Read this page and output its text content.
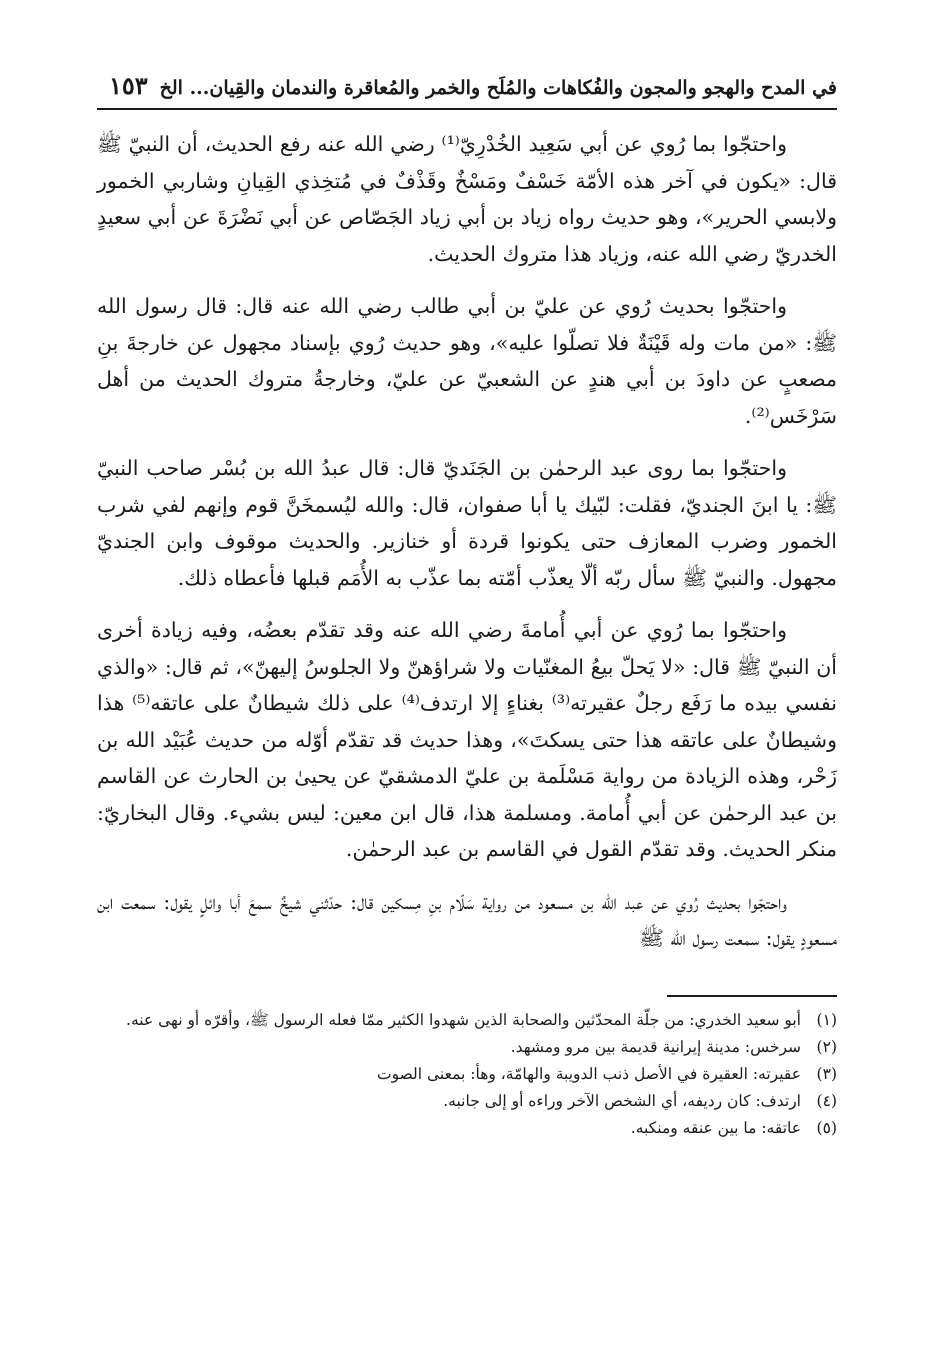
في المدح والهجو والمجون والفُكاهات والمُلَح والخمر والمُعاقرة والندمان والقِيان... الخ
١٥٣

واحتجّوا بما رُوي عن أبي سَعِيد الخُدْرِيّ⁽¹⁾ رضي الله عنه رفع الحديث، أن النبيّ ﷺ قال: «يكون في آخر هذه الأمّة خَسْفٌ ومَسْخٌ وقَذْفٌ في مُتخِذي القِيانِ وشاربي الخمور ولابسي الحرير»، وهو حديث رواه زياد بن أبي زياد الجَصّاص عن أبي نَضْرَةَ عن أبي سعيدٍ الخدريّ رضي الله عنه، وزياد هذا متروك الحديث.

واحتجّوا بحديث رُوي عن عليّ بن أبي طالب رضي الله عنه قال: قال رسول الله ﷺ: «من مات وله قَيْنَةٌ فلا تصلّوا عليه»، وهو حديث رُوي بإسناد مجهول عن خارجةَ بنِ مصعبٍ عن داودَ بن أبي هندٍ عن الشعبيّ عن عليّ، وخارجةُ متروك الحديث من أهل سَرْخَس⁽²⁾.

واحتجّوا بما روى عبد الرحمٰن بن الجَنَديّ قال: قال عبدُ الله بن بُسْر صاحب النبيّ ﷺ: يا ابنَ الجنديّ، فقلت: لبّيك يا أبا صفوان، قال: والله ليُسمخَنَّ قوم وإنهم لفي شرب الخمور وضرب المعازف حتى يكونوا قردة أو خنازير. والحديث موقوف وابن الجنديّ مجهول. والنبيّ ﷺ سأل ربّه ألّا يعذّب أمّته بما عذّب به الأُمَم قبلها فأعطاه ذلك.

واحتجّوا بما رُوي عن أبي أُمامةَ رضي الله عنه وقد تقدّم بعضُه، وفيه زيادة أخرى أن النبيّ ﷺ قال: «لا يَحلّ بيعُ المغنّيات ولا شراؤهنّ ولا الجلوسُ إليهنّ»، ثم قال: «والذي نفسي بيده ما رَفَع رجلٌ عقيرته⁽³⁾ بغناءٍ إلا ارتدف⁽⁴⁾ على ذلك شيطانٌ على عاتقه⁽⁵⁾ هذا وشيطانٌ على عاتقه هذا حتى يسكتَ»، وهذا حديث قد تقدّم أوّله من حديث عُبَيْد الله بن زَحْر، وهذه الزيادة من رواية مَسْلَمة بن عليّ الدمشقيّ عن يحيىٰ بن الحارث عن القاسم بن عبد الرحمٰن عن أبي أُمامة. ومسلمة هذا، قال ابن معين: ليس بشيء. وقال البخاريّ: منكر الحديث. وقد تقدّم القول في القاسم بن عبد الرحمٰن.

واحتجّوا بحديث رُوي عن عبد الله بن مسعود من رواية سَلّام بنِ مِسكين قال: حدّثني شيخٌ سمعَ أبا وائلٍ يقول: سمعت ابن مسعودٍ يقول: سمعت رسول الله ﷺ

(١)
أبو سعيد الخدري: من جلّة المحدّثين والصحابة الذين شهدوا الكثير ممّا فعله الرسول ﷺ، وأقرّه أو نهى عنه.
(٢)
سرخس: مدينة إيرانية قديمة بين مرو ومشهد.
(٣)
عقيرته: العقيرة في الأصل ذنب الدويبة والهامّة، وهأ: بمعنى الصوت
(٤)
ارتدف: كان رديفه، أي الشخص الآخر وراءه أو إلى جانبه.
(٥)
عاتقه: ما بين عنقه ومنكبه.
